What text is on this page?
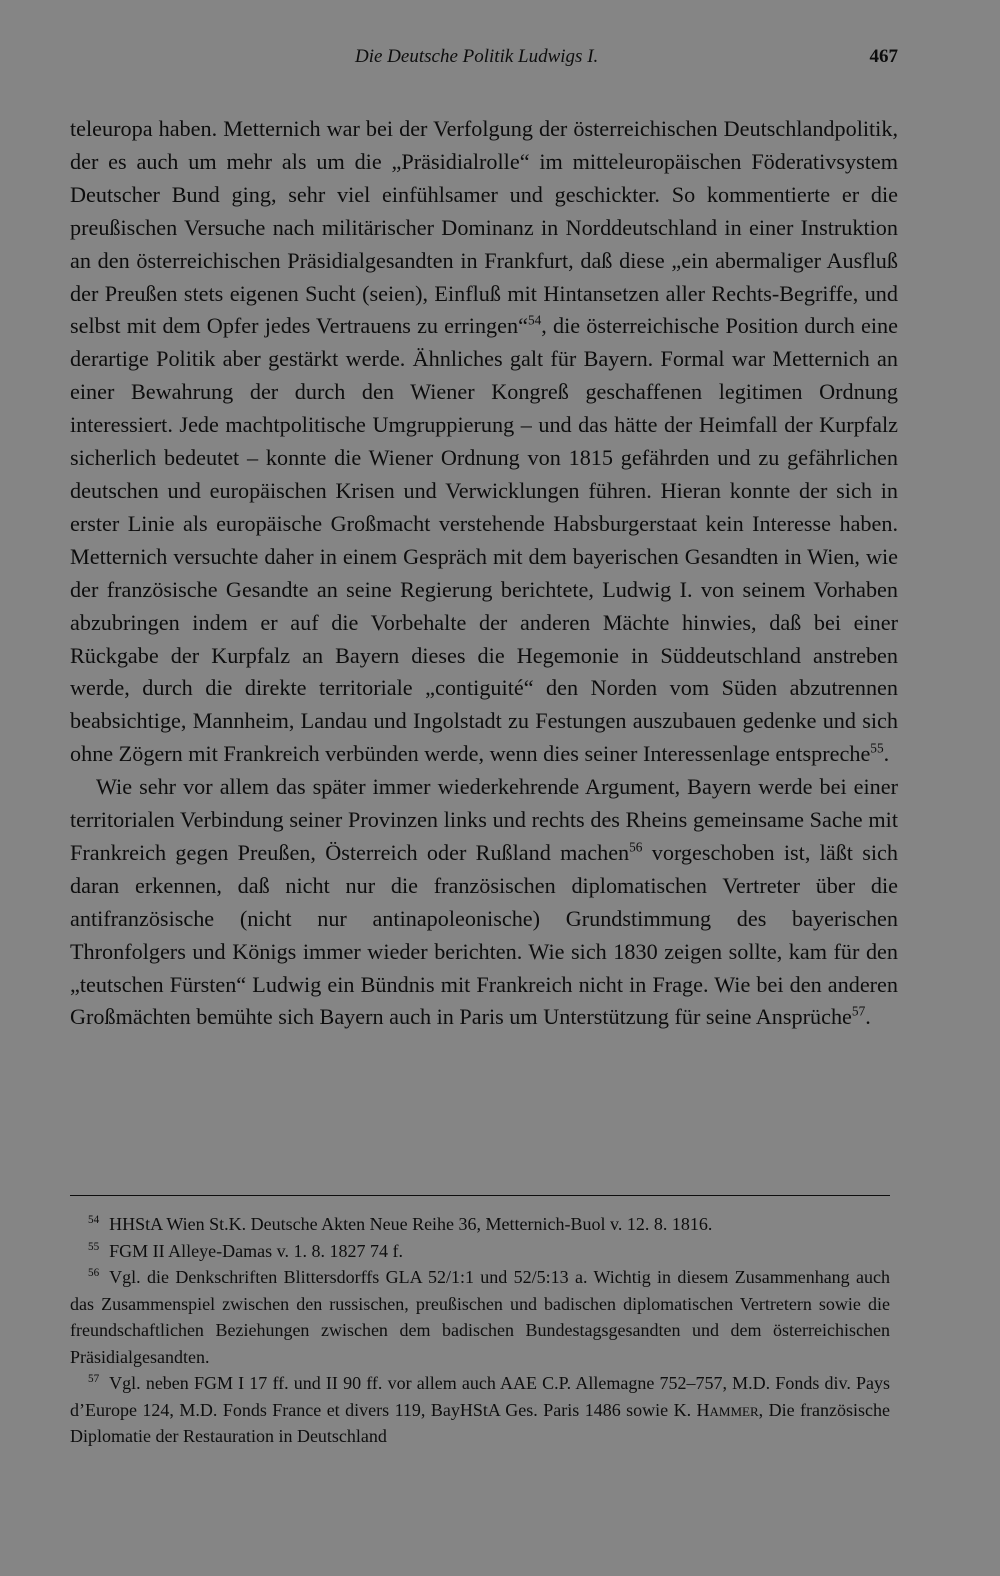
Die Deutsche Politik Ludwigs I.	467

teleuropa haben. Metternich war bei der Verfolgung der österreichischen Deutschlandpolitik, der es auch um mehr als um die „Präsidialrolle“ im mitteleuropäischen Föderativsystem Deutscher Bund ging, sehr viel einfühlsamer und geschickter. So kommentierte er die preußischen Versuche nach militärischer Dominanz in Norddeutschland in einer Instruktion an den österreichischen Präsidialgesandten in Frankfurt, daß diese „ein abermaliger Ausfluß der Preußen stets eigenen Sucht (seien), Einfluß mit Hintansetzen aller Rechts-Begriffe, und selbst mit dem Opfer jedes Vertrauens zu erringen“$^{54}$, die österreichische Position durch eine derartige Politik aber gestärkt werde. Ähnliches galt für Bayern. Formal war Metternich an einer Bewahrung der durch den Wiener Kongreß geschaffenen legitimen Ordnung interessiert. Jede machtpolitische Umgruppierung – und das hätte der Heimfall der Kurpfalz sicherlich bedeutet – konnte die Wiener Ordnung von 1815 gefährden und zu gefährlichen deutschen und europäischen Krisen und Verwicklungen führen. Hieran konnte der sich in erster Linie als europäische Großmacht verstehende Habsburgerstaat kein Interesse haben. Metternich versuchte daher in einem Gespräch mit dem bayerischen Gesandten in Wien, wie der französische Gesandte an seine Regierung berichtete, Ludwig I. von seinem Vorhaben abzubringen indem er auf die Vorbehalte der anderen Mächte hinwies, daß bei einer Rückgabe der Kurpfalz an Bayern dieses die Hegemonie in Süddeutschland anstreben werde, durch die direkte territoriale „contiguité“ den Norden vom Süden abzutrennen beabsichtige, Mannheim, Landau und Ingolstadt zu Festungen auszubauen gedenke und sich ohne Zögern mit Frankreich verbünden werde, wenn dies seiner Interessenlage entspreche$^{55}$.

Wie sehr vor allem das später immer wiederkehrende Argument, Bayern werde bei einer territorialen Verbindung seiner Provinzen links und rechts des Rheins gemeinsame Sache mit Frankreich gegen Preußen, Österreich oder Rußland machen$^{56}$ vorgeschoben ist, läßt sich daran erkennen, daß nicht nur die französischen diplomatischen Vertreter über die antifranzösische (nicht nur antinapoleonische) Grundstimmung des bayerischen Thronfolgers und Königs immer wieder berichten. Wie sich 1830 zeigen sollte, kam für den „teutschen Fürsten“ Ludwig ein Bündnis mit Frankreich nicht in Frage. Wie bei den anderen Großmächten bemühte sich Bayern auch in Paris um Unterstützung für seine Ansprüche$^{57}$.

$^{54}$ HHStA Wien St.K. Deutsche Akten Neue Reihe 36, Metternich-Buol v. 12. 8. 1816.

$^{55}$ FGM II Alleye-Damas v. 1. 8. 1827 74 f.

$^{56}$ Vgl. die Denkschriften Blittersdorffs GLA 52/1:1 und 52/5:13 a. Wichtig in diesem Zusammenhang auch das Zusammenspiel zwischen den russischen, preußischen und badischen diplomatischen Vertretern sowie die freundschaftlichen Beziehungen zwischen dem badischen Bundestagsgesandten und dem österreichischen Präsidialgesandten.

$^{57}$ Vgl. neben FGM I 17 ff. und II 90 ff. vor allem auch AAE C.P. Allemagne 752–757, M.D. Fonds div. Pays d’Europe 124, M.D. Fonds France et divers 119, BayHStA Ges. Paris 1486 sowie K. Hammer, Die französische Diplomatie der Restauration in Deutschland
